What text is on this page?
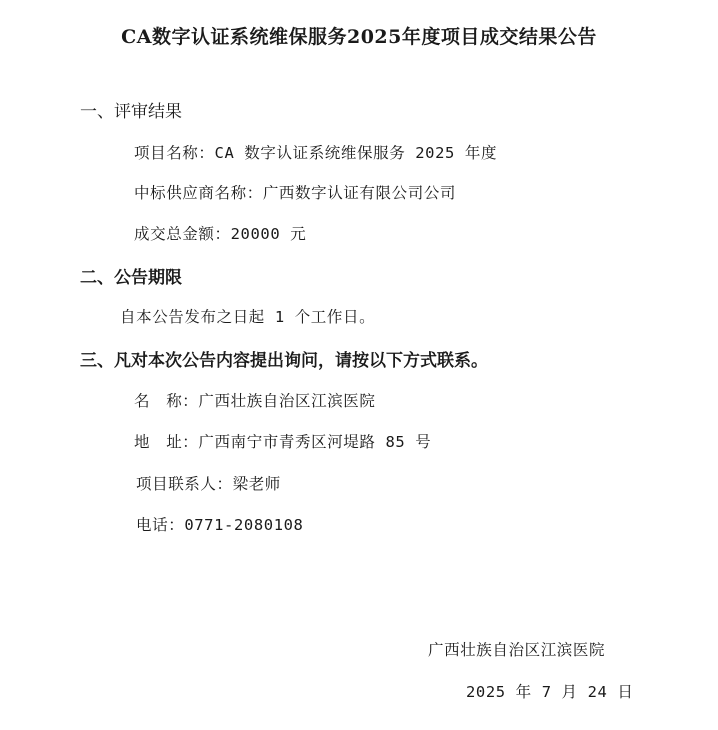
CA数字认证系统维保服务2025年度项目成交结果公告
一、评审结果
项目名称：CA 数字认证系统维保服务 2025 年度
中标供应商名称：广西数字认证有限公司公司
成交总金额：20000 元
二、公告期限
自本公告发布之日起 1 个工作日。
三、凡对本次公告内容提出询问，请按以下方式联系。
名　称：广西壮族自治区江滨医院
地　址：广西南宁市青秀区河堤路 85 号
项目联系人：梁老师
电话：0771-2080108
广西壮族自治区江滨医院
2025 年 7 月 24 日
